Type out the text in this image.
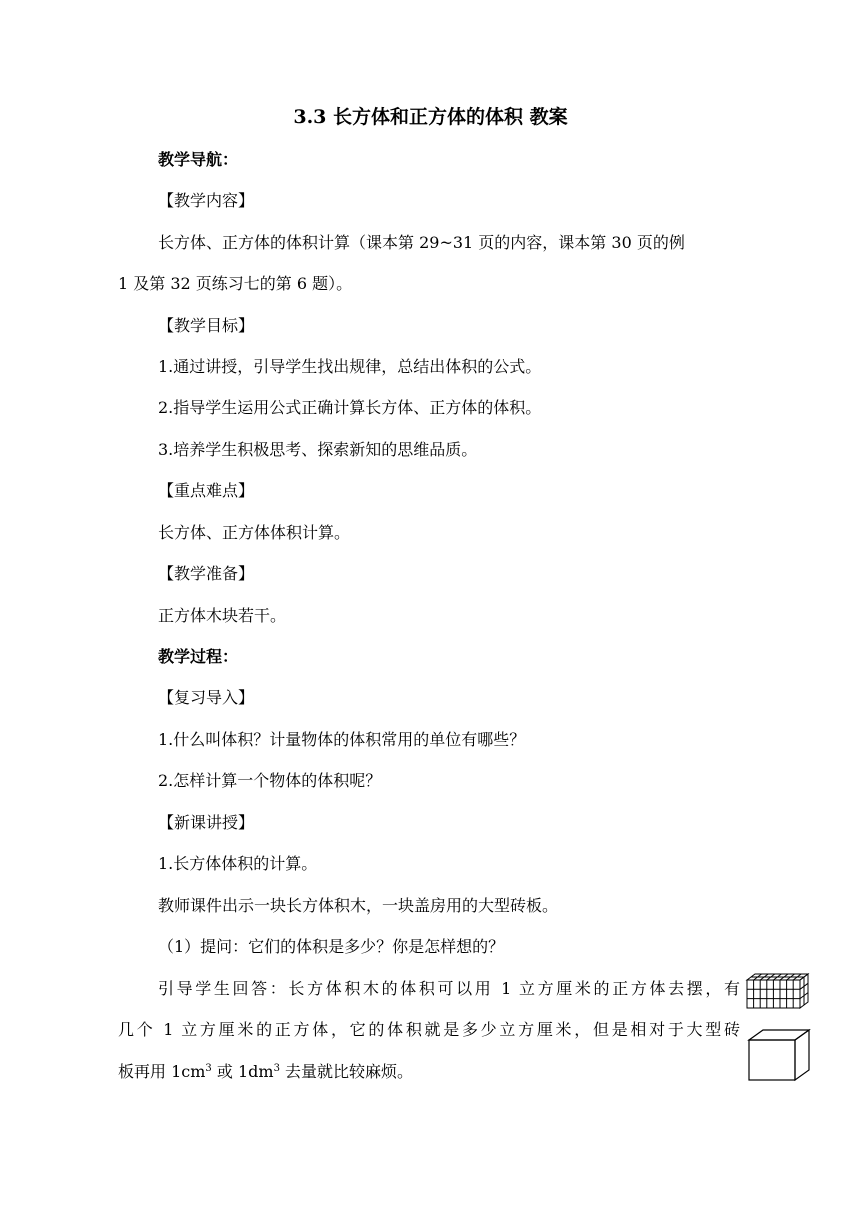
3.3 长方体和正方体的体积 教案
教学导航：
【教学内容】
长方体、正方体的体积计算（课本第 29~31 页的内容，课本第 30 页的例
1 及第 32 页练习七的第 6 题）。
【教学目标】
1.通过讲授，引导学生找出规律，总结出体积的公式。
2.指导学生运用公式正确计算长方体、正方体的体积。
3.培养学生积极思考、探索新知的思维品质。
【重点难点】
长方体、正方体体积计算。
【教学准备】
正方体木块若干。
教学过程：
【复习导入】
1.什么叫体积？计量物体的体积常用的单位有哪些？
2.怎样计算一个物体的体积呢？
【新课讲授】
1.长方体体积的计算。
教师课件出示一块长方体积木，一块盖房用的大型砖板。
（1）提问：它们的体积是多少？你是怎样想的？
引导学生回答：长方体积木的体积可以用 1 立方厘米的正方体去摆，有
几个 1 立方厘米的正方体，它的体积就是多少立方厘米，但是相对于大型砖
板再用 $1cm^3$ 或 $1dm^3$ 去量就比较麻烦。
